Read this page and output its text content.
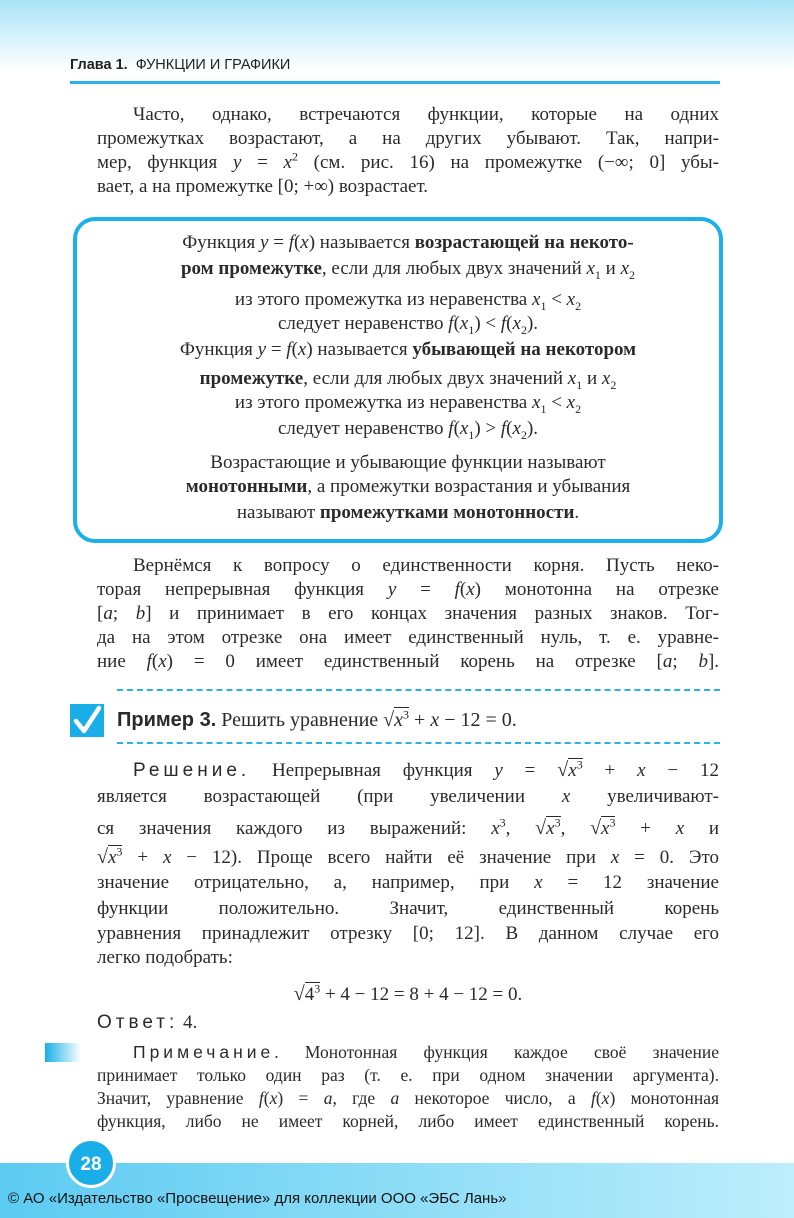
Глава 1. ФУНКЦИИ И ГРАФИКИ
Часто, однако, встречаются функции, которые на одних
промежутках возрастают, а на других убывают. Так, напри-
мер, функция $y = x^2$ (см. рис. 16) на промежутке (−∞; 0] убы-
вает, а на промежутке [0; +∞) возрастает.
Функция y = f(x) называется возрастающей на некото-
ром промежутке, если для любых двух значений $x_1$ и $x_2$
из этого промежутка из неравенства $x_1 < x_2$
следует неравенство $f(x_1) < f(x_2)$.
Функция y = f(x) называется убывающей на некотором
промежутке, если для любых двух значений $x_1$ и $x_2$
из этого промежутка из неравенства $x_1 < x_2$
следует неравенство $f(x_1) > f(x_2)$.
Возрастающие и убывающие функции называют
монотонными, а промежутки возрастания и убывания
называют промежутками монотонности.
Вернёмся к вопросу о единственности корня. Пусть неко-
торая непрерывная функция y = f(x) монотонна на отрезке
[a; b] и принимает в его концах значения разных знаков. Тог-
да на этом отрезке она имеет единственный нуль, т. е. уравне-
ние f(x) = 0 имеет единственный корень на отрезке [a; b].
Пример 3. Решить уравнение $√x^3 + x - 12 = 0$.
Решение. Непрерывная функция $y = √x^3 + x - 12$
является возрастающей (при увеличении x увеличивают-
ся значения каждого из выражений: $x^3$, $√x^3$, $√x^3 + x$ и
$√x^3 + x - 12$). Проще всего найти её значение при x = 0. Это
значение отрицательно, а, например, при x = 12 значение
функции положительно. Значит, единственный корень
уравнения принадлежит отрезку [0; 12]. В данном случае его
легко подобрать:
$√4^3 + 4 - 12 = 8 + 4 - 12 = 0$.
Ответ: 4.
Примечание. Монотонная функция каждое своё значение
принимает только один раз (т. е. при одном значении аргумента).
Значит, уравнение f(x) = a, где a некоторое число, а f(x) монотонная
функция, либо не имеет корней, либо имеет единственный корень.
28
© АО «Издательство «Просвещение» для коллекции ООО «ЭБС Лань»
